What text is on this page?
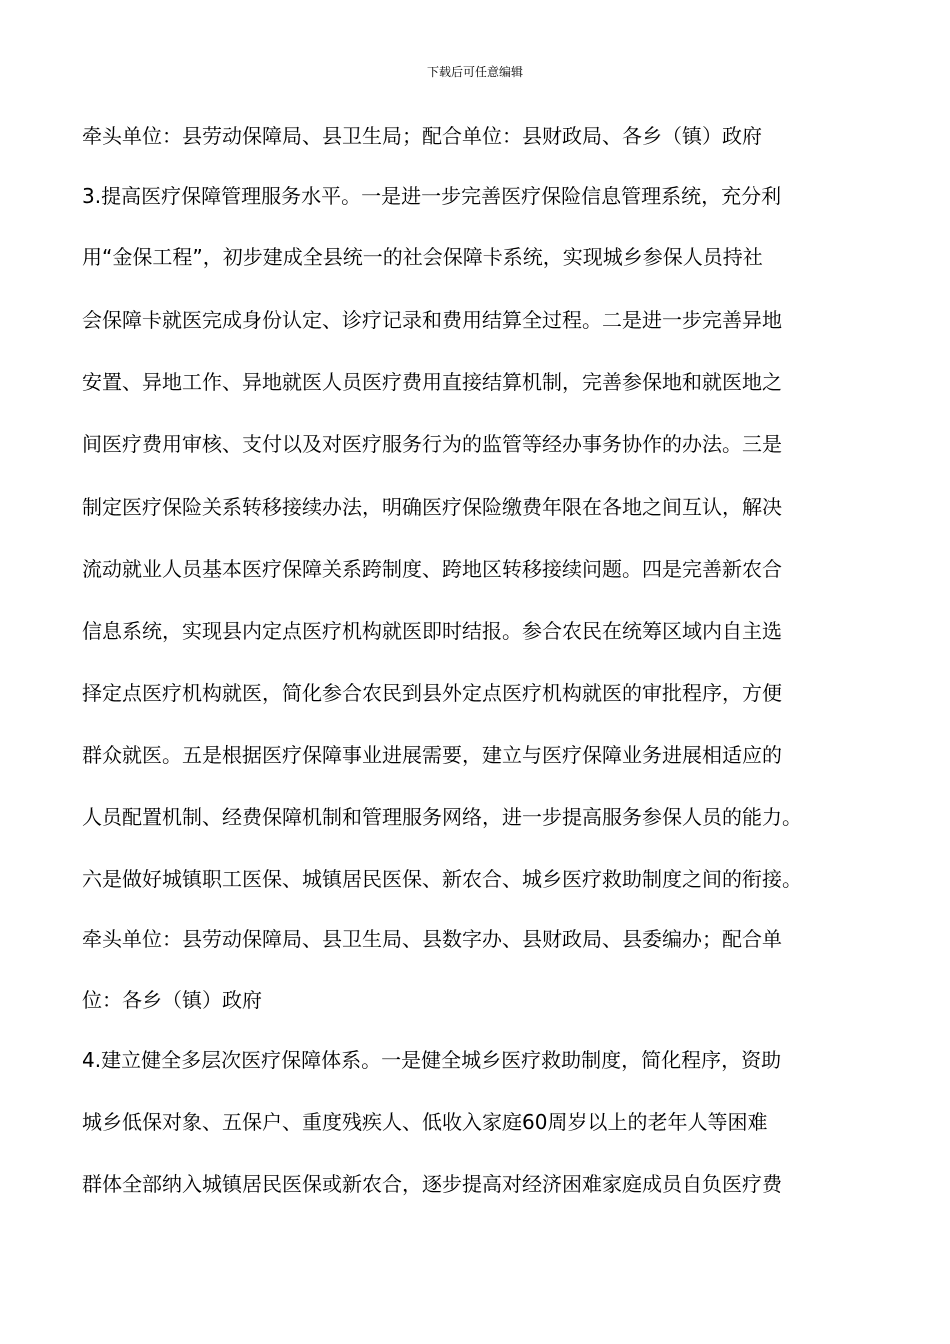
下载后可任意编辑
牵头单位：县劳动保障局、县卫生局；配合单位：县财政局、各乡（镇）政府
3.提高医疗保障管理服务水平。一是进一步完善医疗保险信息管理系统，充分利
用“金保工程”，初步建成全县统一的社会保障卡系统，实现城乡参保人员持社
会保障卡就医完成身份认定、诊疗记录和费用结算全过程。二是进一步完善异地
安置、异地工作、异地就医人员医疗费用直接结算机制，完善参保地和就医地之
间医疗费用审核、支付以及对医疗服务行为的监管等经办事务协作的办法。三是
制定医疗保险关系转移接续办法，明确医疗保险缴费年限在各地之间互认，解决
流动就业人员基本医疗保障关系跨制度、跨地区转移接续问题。四是完善新农合
信息系统，实现县内定点医疗机构就医即时结报。参合农民在统筹区域内自主选
择定点医疗机构就医，简化参合农民到县外定点医疗机构就医的审批程序，方便
群众就医。五是根据医疗保障事业进展需要，建立与医疗保障业务进展相适应的
人员配置机制、经费保障机制和管理服务网络，进一步提高服务参保人员的能力。
六是做好城镇职工医保、城镇居民医保、新农合、城乡医疗救助制度之间的衔接。
牵头单位：县劳动保障局、县卫生局、县数字办、县财政局、县委编办；配合单
位：各乡（镇）政府
4.建立健全多层次医疗保障体系。一是健全城乡医疗救助制度，简化程序，资助
城乡低保对象、五保户、重度残疾人、低收入家庭60周岁以上的老年人等困难
群体全部纳入城镇居民医保或新农合，逐步提高对经济困难家庭成员自负医疗费
